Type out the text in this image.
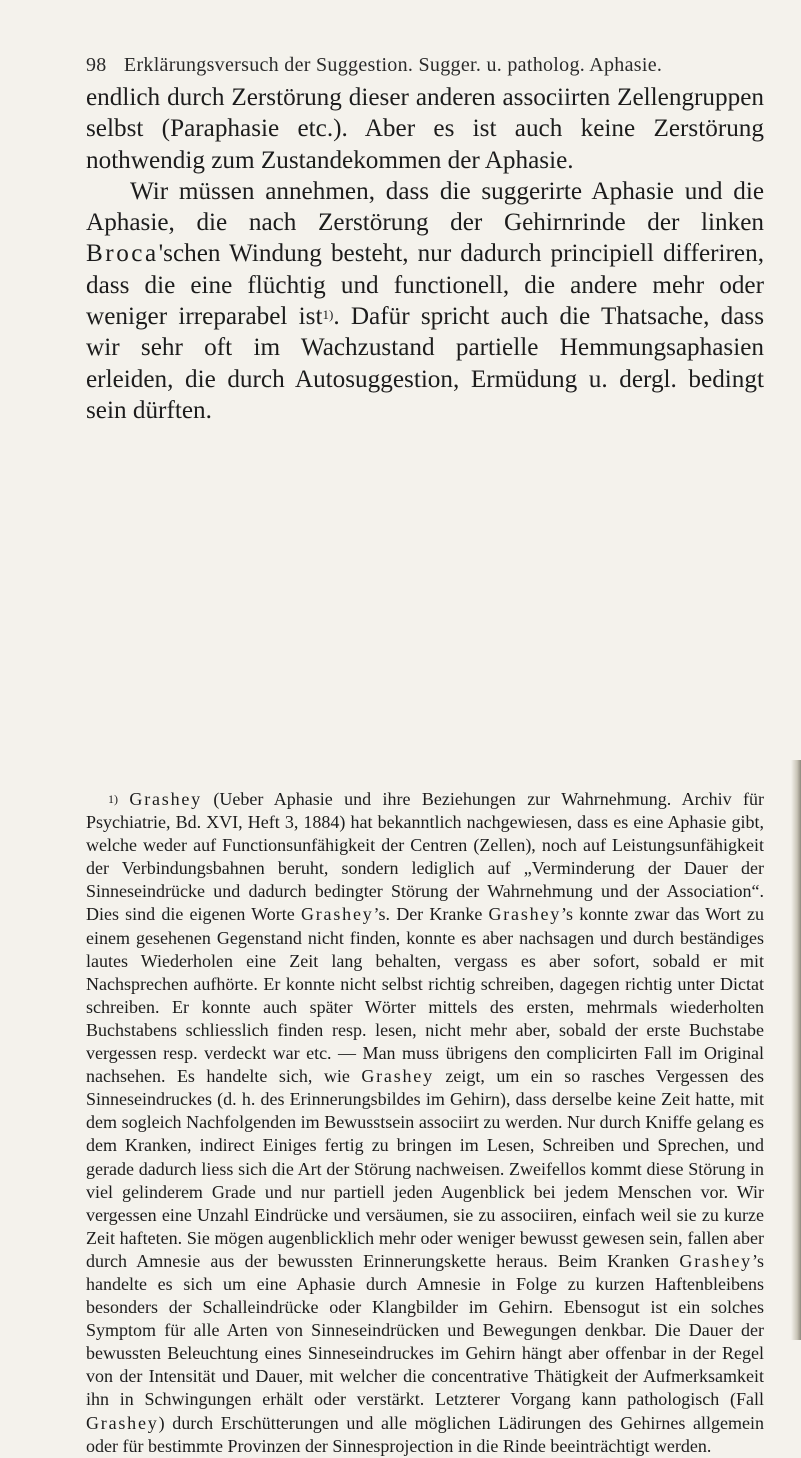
98 Erklärungsversuch der Suggestion. Sugger. u. patholog. Aphasie.

endlich durch Zerstörung dieser anderen associirten Zellengruppen selbst (Paraphasie etc.). Aber es ist auch keine Zerstörung nothwendig zum Zustandekommen der Aphasie.

Wir müssen annehmen, dass die suggerirte Aphasie und die Aphasie, die nach Zerstörung der Gehirnrinde der linken Broca'schen Windung besteht, nur dadurch principiell differiren, dass die eine flüchtig und functionell, die andere mehr oder weniger irreparabel ist$^{1)}$. Dafür spricht auch die Thatsache, dass wir sehr oft im Wachzustand partielle Hemmungsaphasien erleiden, die durch Autosuggestion, Ermüdung u. dergl. bedingt sein dürften.

$^{1)}$ Grashey (Ueber Aphasie und ihre Beziehungen zur Wahrnehmung. Archiv für Psychiatrie, Bd. XVI, Heft 3, 1884) hat bekanntlich nachgewiesen, dass es eine Aphasie gibt, welche weder auf Functionsunfähigkeit der Centren (Zellen), noch auf Leistungsunfähigkeit der Verbindungsbahnen beruht, sondern lediglich auf „Verminderung der Dauer der Sinneseindrücke und dadurch bedingter Störung der Wahrnehmung und der Association“. Dies sind die eigenen Worte Grashey’s. Der Kranke Grashey’s konnte zwar das Wort zu einem gesehenen Gegenstand nicht finden, konnte es aber nachsagen und durch beständiges lautes Wiederholen eine Zeit lang behalten, vergass es aber sofort, sobald er mit Nachsprechen aufhörte. Er konnte nicht selbst richtig schreiben, dagegen richtig unter Dictat schreiben. Er konnte auch später Wörter mittels des ersten, mehrmals wiederholten Buchstabens schliesslich finden resp. lesen, nicht mehr aber, sobald der erste Buchstabe vergessen resp. verdeckt war etc. — Man muss übrigens den complicirten Fall im Original nachsehen. Es handelte sich, wie Grashey zeigt, um ein so rasches Vergessen des Sinneseindruckes (d. h. des Erinnerungsbildes im Gehirn), dass derselbe keine Zeit hatte, mit dem sogleich Nachfolgenden im Bewusstsein associirt zu werden. Nur durch Kniffe gelang es dem Kranken, indirect Einiges fertig zu bringen im Lesen, Schreiben und Sprechen, und gerade dadurch liess sich die Art der Störung nachweisen. Zweifellos kommt diese Störung in viel gelinderem Grade und nur partiell jeden Augenblick bei jedem Menschen vor. Wir vergessen eine Unzahl Eindrücke und versäumen, sie zu associiren, einfach weil sie zu kurze Zeit hafteten. Sie mögen augenblicklich mehr oder weniger bewusst gewesen sein, fallen aber durch Amnesie aus der bewussten Erinnerungskette heraus. Beim Kranken Grashey’s handelte es sich um eine Aphasie durch Amnesie in Folge zu kurzen Haftenbleibens besonders der Schalleindrücke oder Klangbilder im Gehirn. Ebensogut ist ein solches Symptom für alle Arten von Sinneseindrücken und Bewegungen denkbar. Die Dauer der bewussten Beleuchtung eines Sinneseindruckes im Gehirn hängt aber offenbar in der Regel von der Intensität und Dauer, mit welcher die concentrative Thätigkeit der Aufmerksamkeit ihn in Schwingungen erhält oder verstärkt. Letzterer Vorgang kann pathologisch (Fall Grashey) durch Erschütterungen und alle möglichen Lädirungen des Gehirnes allgemein oder für bestimmte Provinzen der Sinnesprojection in die Rinde beeinträchtigt werden.
